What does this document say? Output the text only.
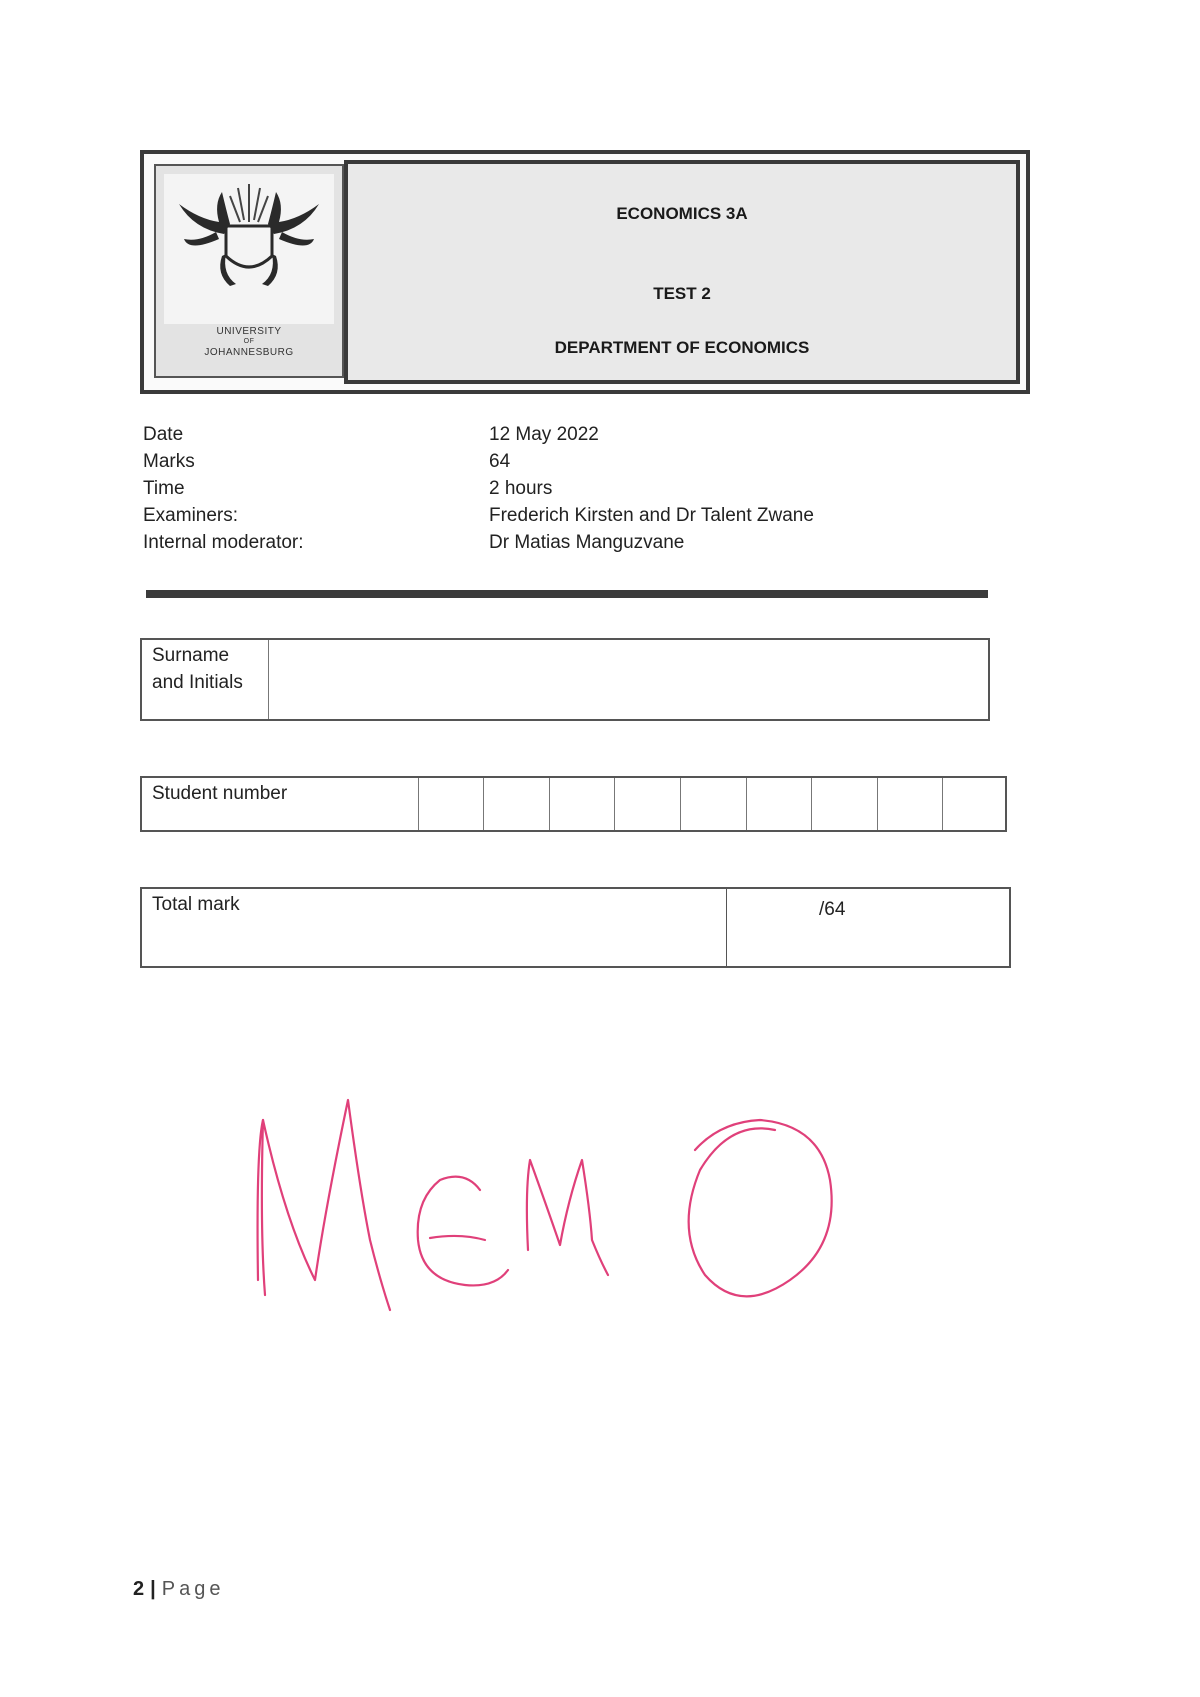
UNIVERSITY
OF
JOHANNESBURG
ECONOMICS 3A
TEST 2
DEPARTMENT OF ECONOMICS
Date	12 May 2022
Marks	64
Time	2 hours
Examiners:	Frederich Kirsten and Dr Talent Zwane
Internal moderator:	Dr Matias Manguzvane
Surname
and Initials
Student number
Total mark	/64
2 | Page
